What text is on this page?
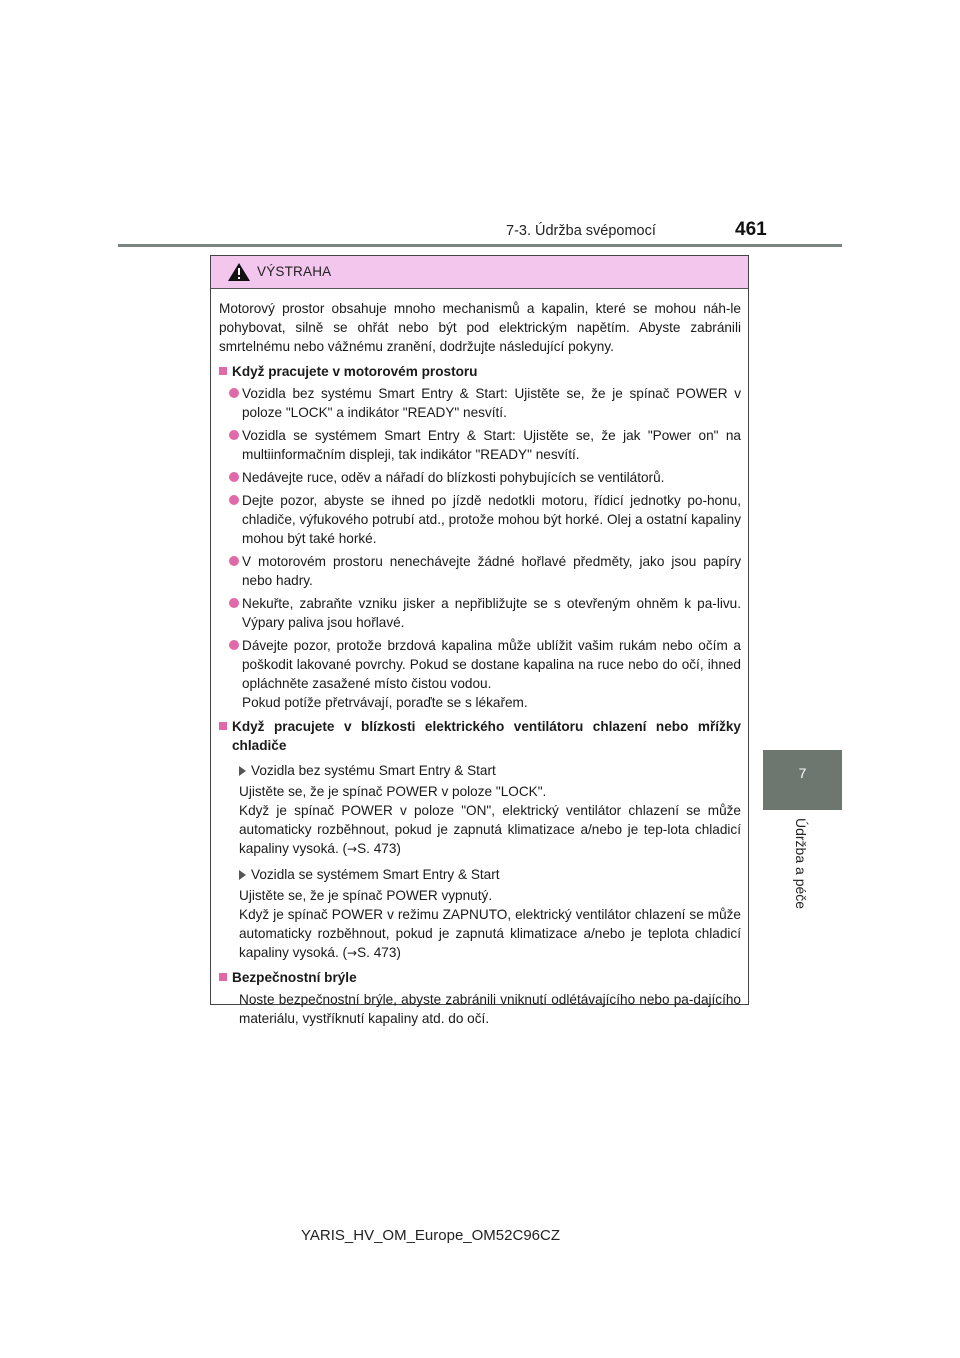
7-3. Údržba svépomocí	461
7
Údržba a péče
VÝSTRAHA

Motorový prostor obsahuje mnoho mechanismů a kapalin, které se mohou náh-le pohybovat, silně se ohřát nebo být pod elektrickým napětím. Abyste zabránili smrtelnému nebo vážnému zranění, dodržujte následující pokyny.

Když pracujete v motorovém prostoru
Vozidla bez systému Smart Entry & Start: Ujistěte se, že je spínač POWER v poloze "LOCK" a indikátor "READY" nesvítí.
Vozidla se systémem Smart Entry & Start: Ujistěte se, že jak "Power on" na multiinformačním displeji, tak indikátor "READY" nesvítí.
Nedávejte ruce, oděv a nářadí do blízkosti pohybujících se ventilátorů.
Dejte pozor, abyste se ihned po jízdě nedotkli motoru, řídicí jednotky po-honu, chladiče, výfukového potrubí atd., protože mohou být horké. Olej a ostatní kapaliny mohou být také horké.
V motorovém prostoru nenechávejte žádné hořlavé předměty, jako jsou papíry nebo hadry.
Nekuřte, zabraňte vzniku jisker a nepřibližujte se s otevřeným ohněm k pa-livu. Výpary paliva jsou hořlavé.
Dávejte pozor, protože brzdová kapalina může ublížit vašim rukám nebo očím a poškodit lakované povrchy. Pokud se dostane kapalina na ruce nebo do očí, ihned opláchněte zasažené místo čistou vodou.
Pokud potíže přetrvávají, poraďte se s lékařem.
Když pracujete v blízkosti elektrického ventilátoru chlazení nebo mřížky chladiče
Vozidla bez systému Smart Entry & Start

Ujistěte se, že je spínač POWER v poloze "LOCK".
Když je spínač POWER v poloze "ON", elektrický ventilátor chlazení se může automaticky rozběhnout, pokud je zapnutá klimatizace a/nebo je tep-lota chladicí kapaliny vysoká. (→S. 473)

Vozidla se systémem Smart Entry & Start

Ujistěte se, že je spínač POWER vypnutý.
Když je spínač POWER v režimu ZAPNUTO, elektrický ventilátor chlazení se může automaticky rozběhnout, pokud je zapnutá klimatizace a/nebo je teplota chladicí kapaliny vysoká. (→S. 473)

Bezpečnostní brýle

Noste bezpečnostní brýle, abyste zabránili vniknutí odlétávajícího nebo pa-dajícího materiálu, vystříknutí kapaliny atd. do očí.

YARIS_HV_OM_Europe_OM52C96CZ
